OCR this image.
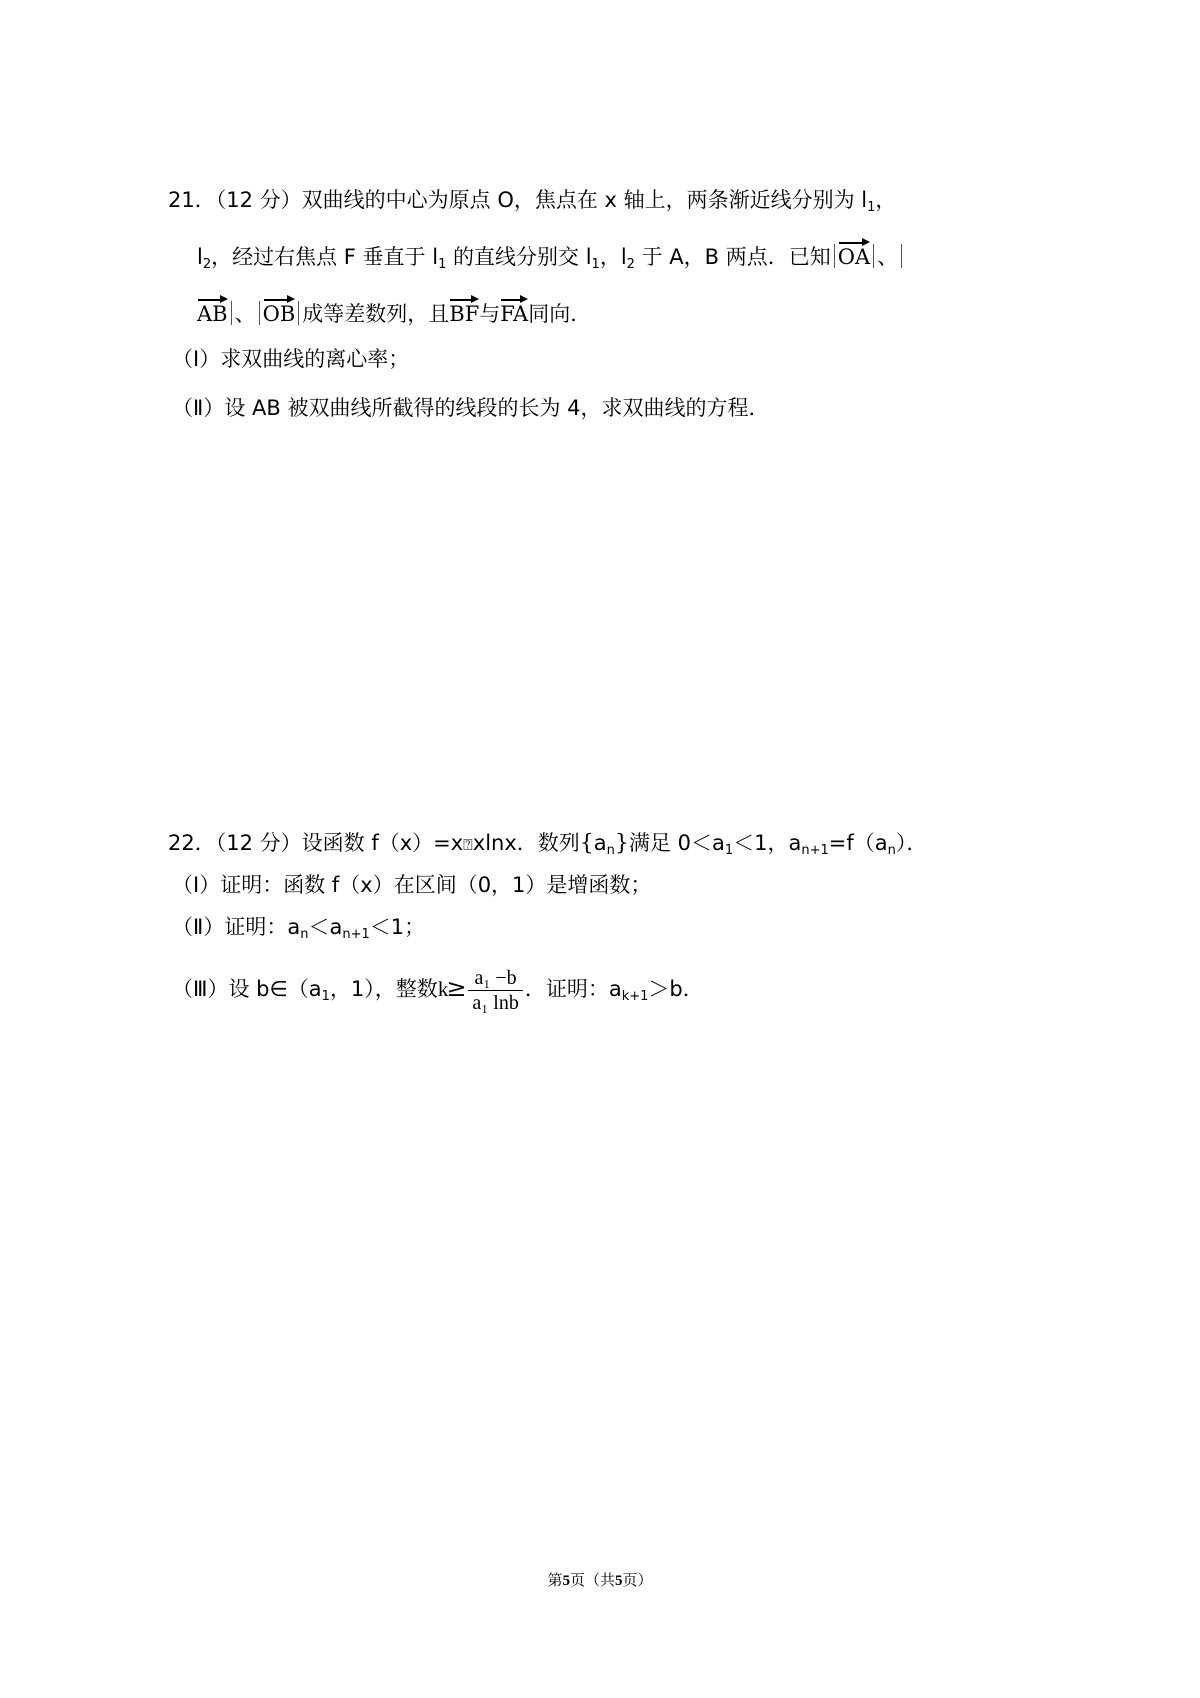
21．（12 分）双曲线的中心为原点 O，焦点在 x 轴上，两条渐近线分别为 $l_1$，
$l_2$，经过右焦点 F 垂直于 $l_1$ 的直线分别交 $l_1$，$l_2$ 于 A，B 两点．已知 OA 、
AB 、 OB 成等差数列，且BF与FA同向．
（Ⅰ）求双曲线的离心率；
（Ⅱ）设 AB 被双曲线所截得的线段的长为 4，求双曲线的方程．
22．（12 分）设函数 f（x）=x⍰xlnx．数列$\{a_n\}$满足 $0<a_1<1$，$a_{n+1}=f(a_n)$．
（Ⅰ）证明：函数 f（x）在区间（0，1）是增函数；
（Ⅱ）证明：$a_n<a_{n+1}<1$；
（Ⅲ）设 $b\in(a_1$，1），整数$k\ge \frac{\text{a₁ −b}}{\text{a₁ lnb}}$ ．证明：$a_{k+1}>b$．
第5页（共5页）
